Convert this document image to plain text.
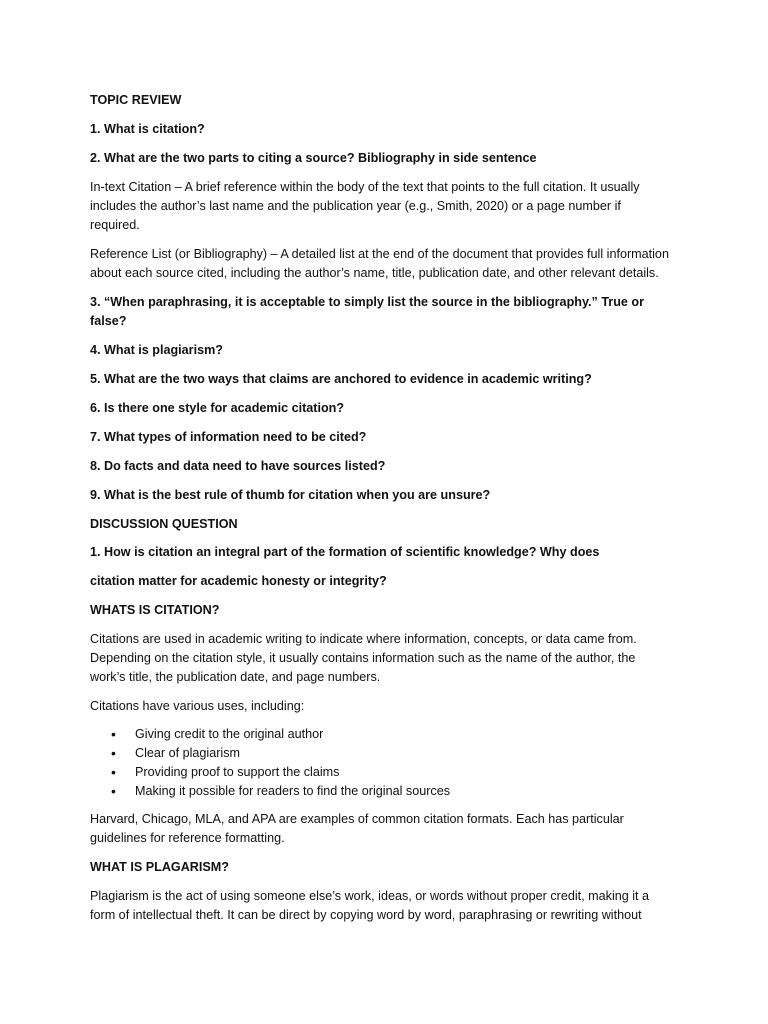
TOPIC REVIEW

1. What is citation?

2. What are the two parts to citing a source? Bibliography in side sentence

In-text Citation – A brief reference within the body of the text that points to the full citation. It usually includes the author’s last name and the publication year (e.g., Smith, 2020) or a page number if required.

Reference List (or Bibliography) – A detailed list at the end of the document that provides full information about each source cited, including the author’s name, title, publication date, and other relevant details.

3. “When paraphrasing, it is acceptable to simply list the source in the bibliography.” True or false?

4. What is plagiarism?

5. What are the two ways that claims are anchored to evidence in academic writing?

6. Is there one style for academic citation?

7. What types of information need to be cited?

8. Do facts and data need to have sources listed?

9. What is the best rule of thumb for citation when you are unsure?

DISCUSSION QUESTION

1. How is citation an integral part of the formation of scientific knowledge? Why does

citation matter for academic honesty or integrity?

WHATS IS CITATION?

Citations are used in academic writing to indicate where information, concepts, or data came from. Depending on the citation style, it usually contains information such as the name of the author, the work’s title, the publication date, and page numbers.

Citations have various uses, including:

• Giving credit to the original author
• Clear of plagiarism
• Providing proof to support the claims
• Making it possible for readers to find the original sources

Harvard, Chicago, MLA, and APA are examples of common citation formats. Each has particular guidelines for reference formatting.

WHAT IS PLAGARISM?

Plagiarism is the act of using someone else’s work, ideas, or words without proper credit, making it a form of intellectual theft. It can be direct by copying word by word, paraphrasing or rewriting without
